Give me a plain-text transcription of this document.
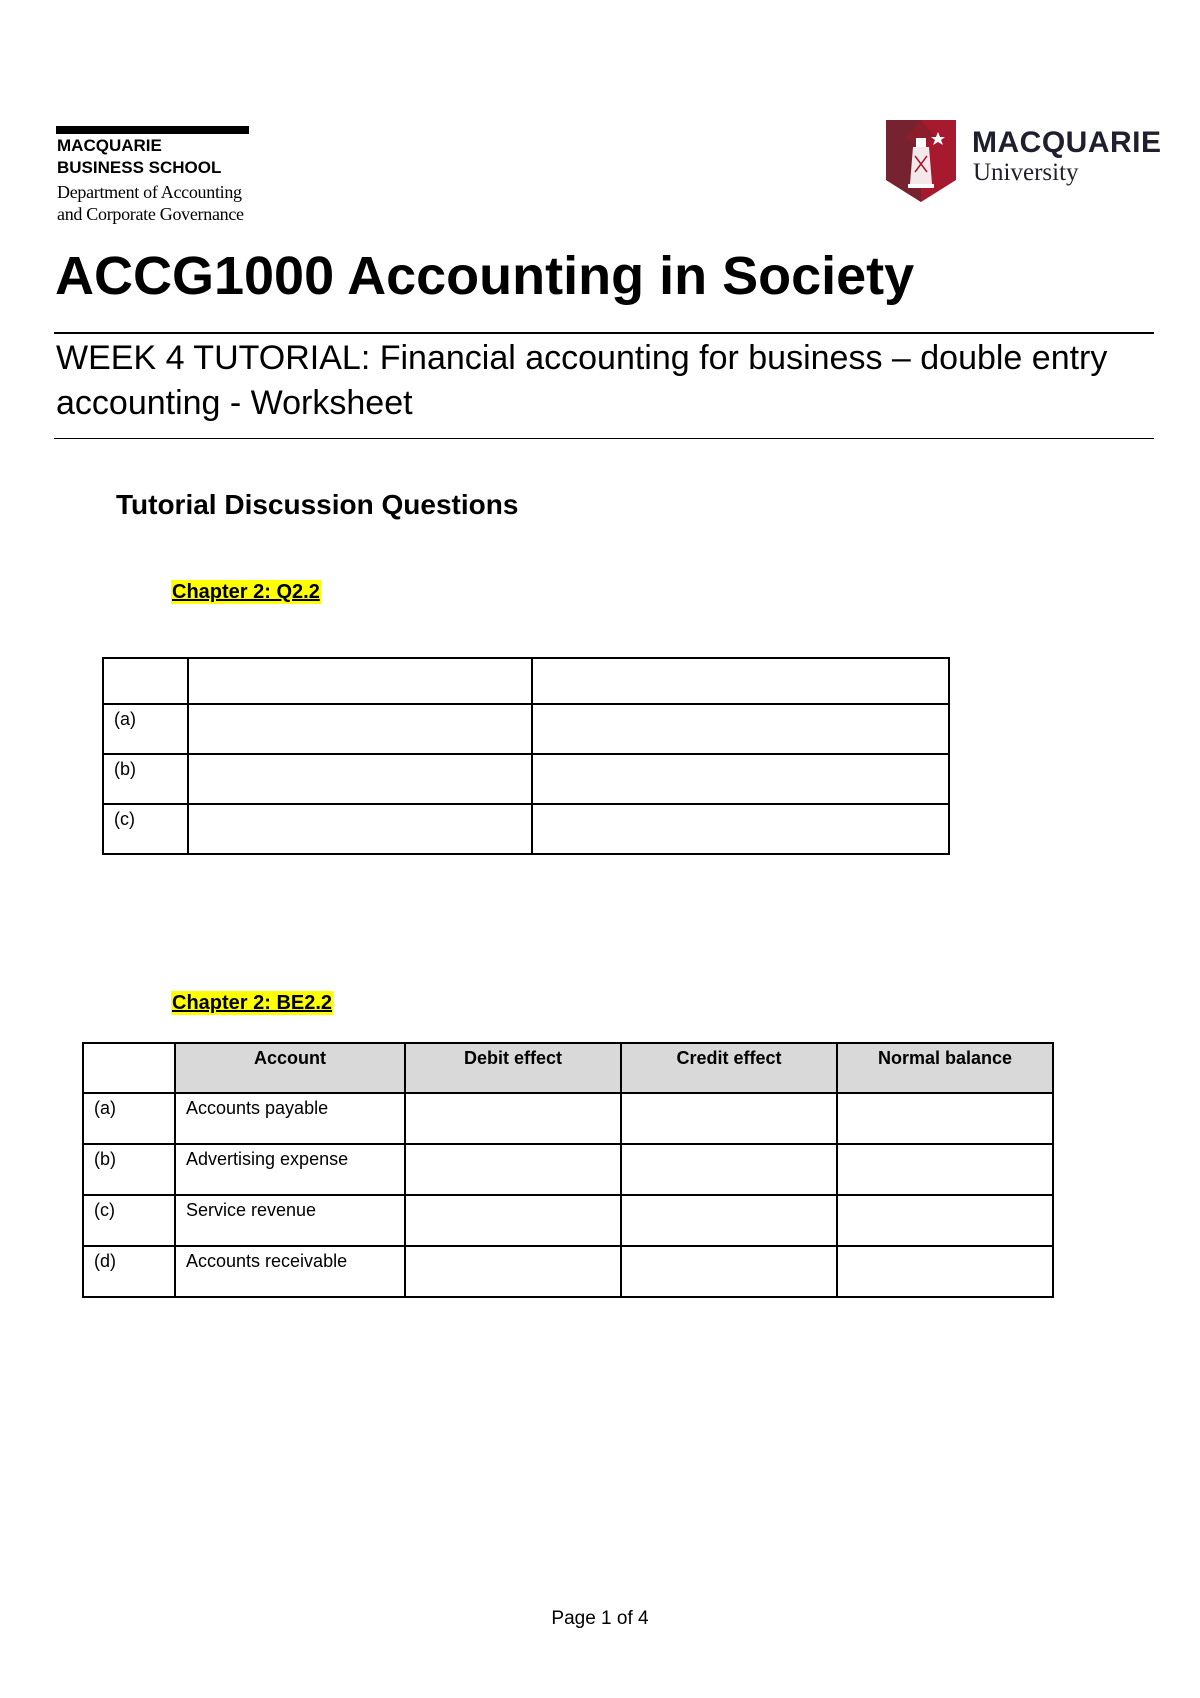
MACQUARIE
BUSINESS SCHOOL
Department of Accounting
and Corporate Governance
MACQUARIE
University
ACCG1000 Accounting in Society
WEEK 4 TUTORIAL: Financial accounting for business – double entry accounting - Worksheet
Tutorial Discussion Questions
Chapter 2: Q2.2

(a)		
(b)		
(c)		
Chapter 2: BE2.2
	Account	Debit effect	Credit effect	Normal balance
(a)	Accounts payable			
(b)	Advertising expense			
(c)	Service revenue			
(d)	Accounts receivable			
Page 1 of 4
